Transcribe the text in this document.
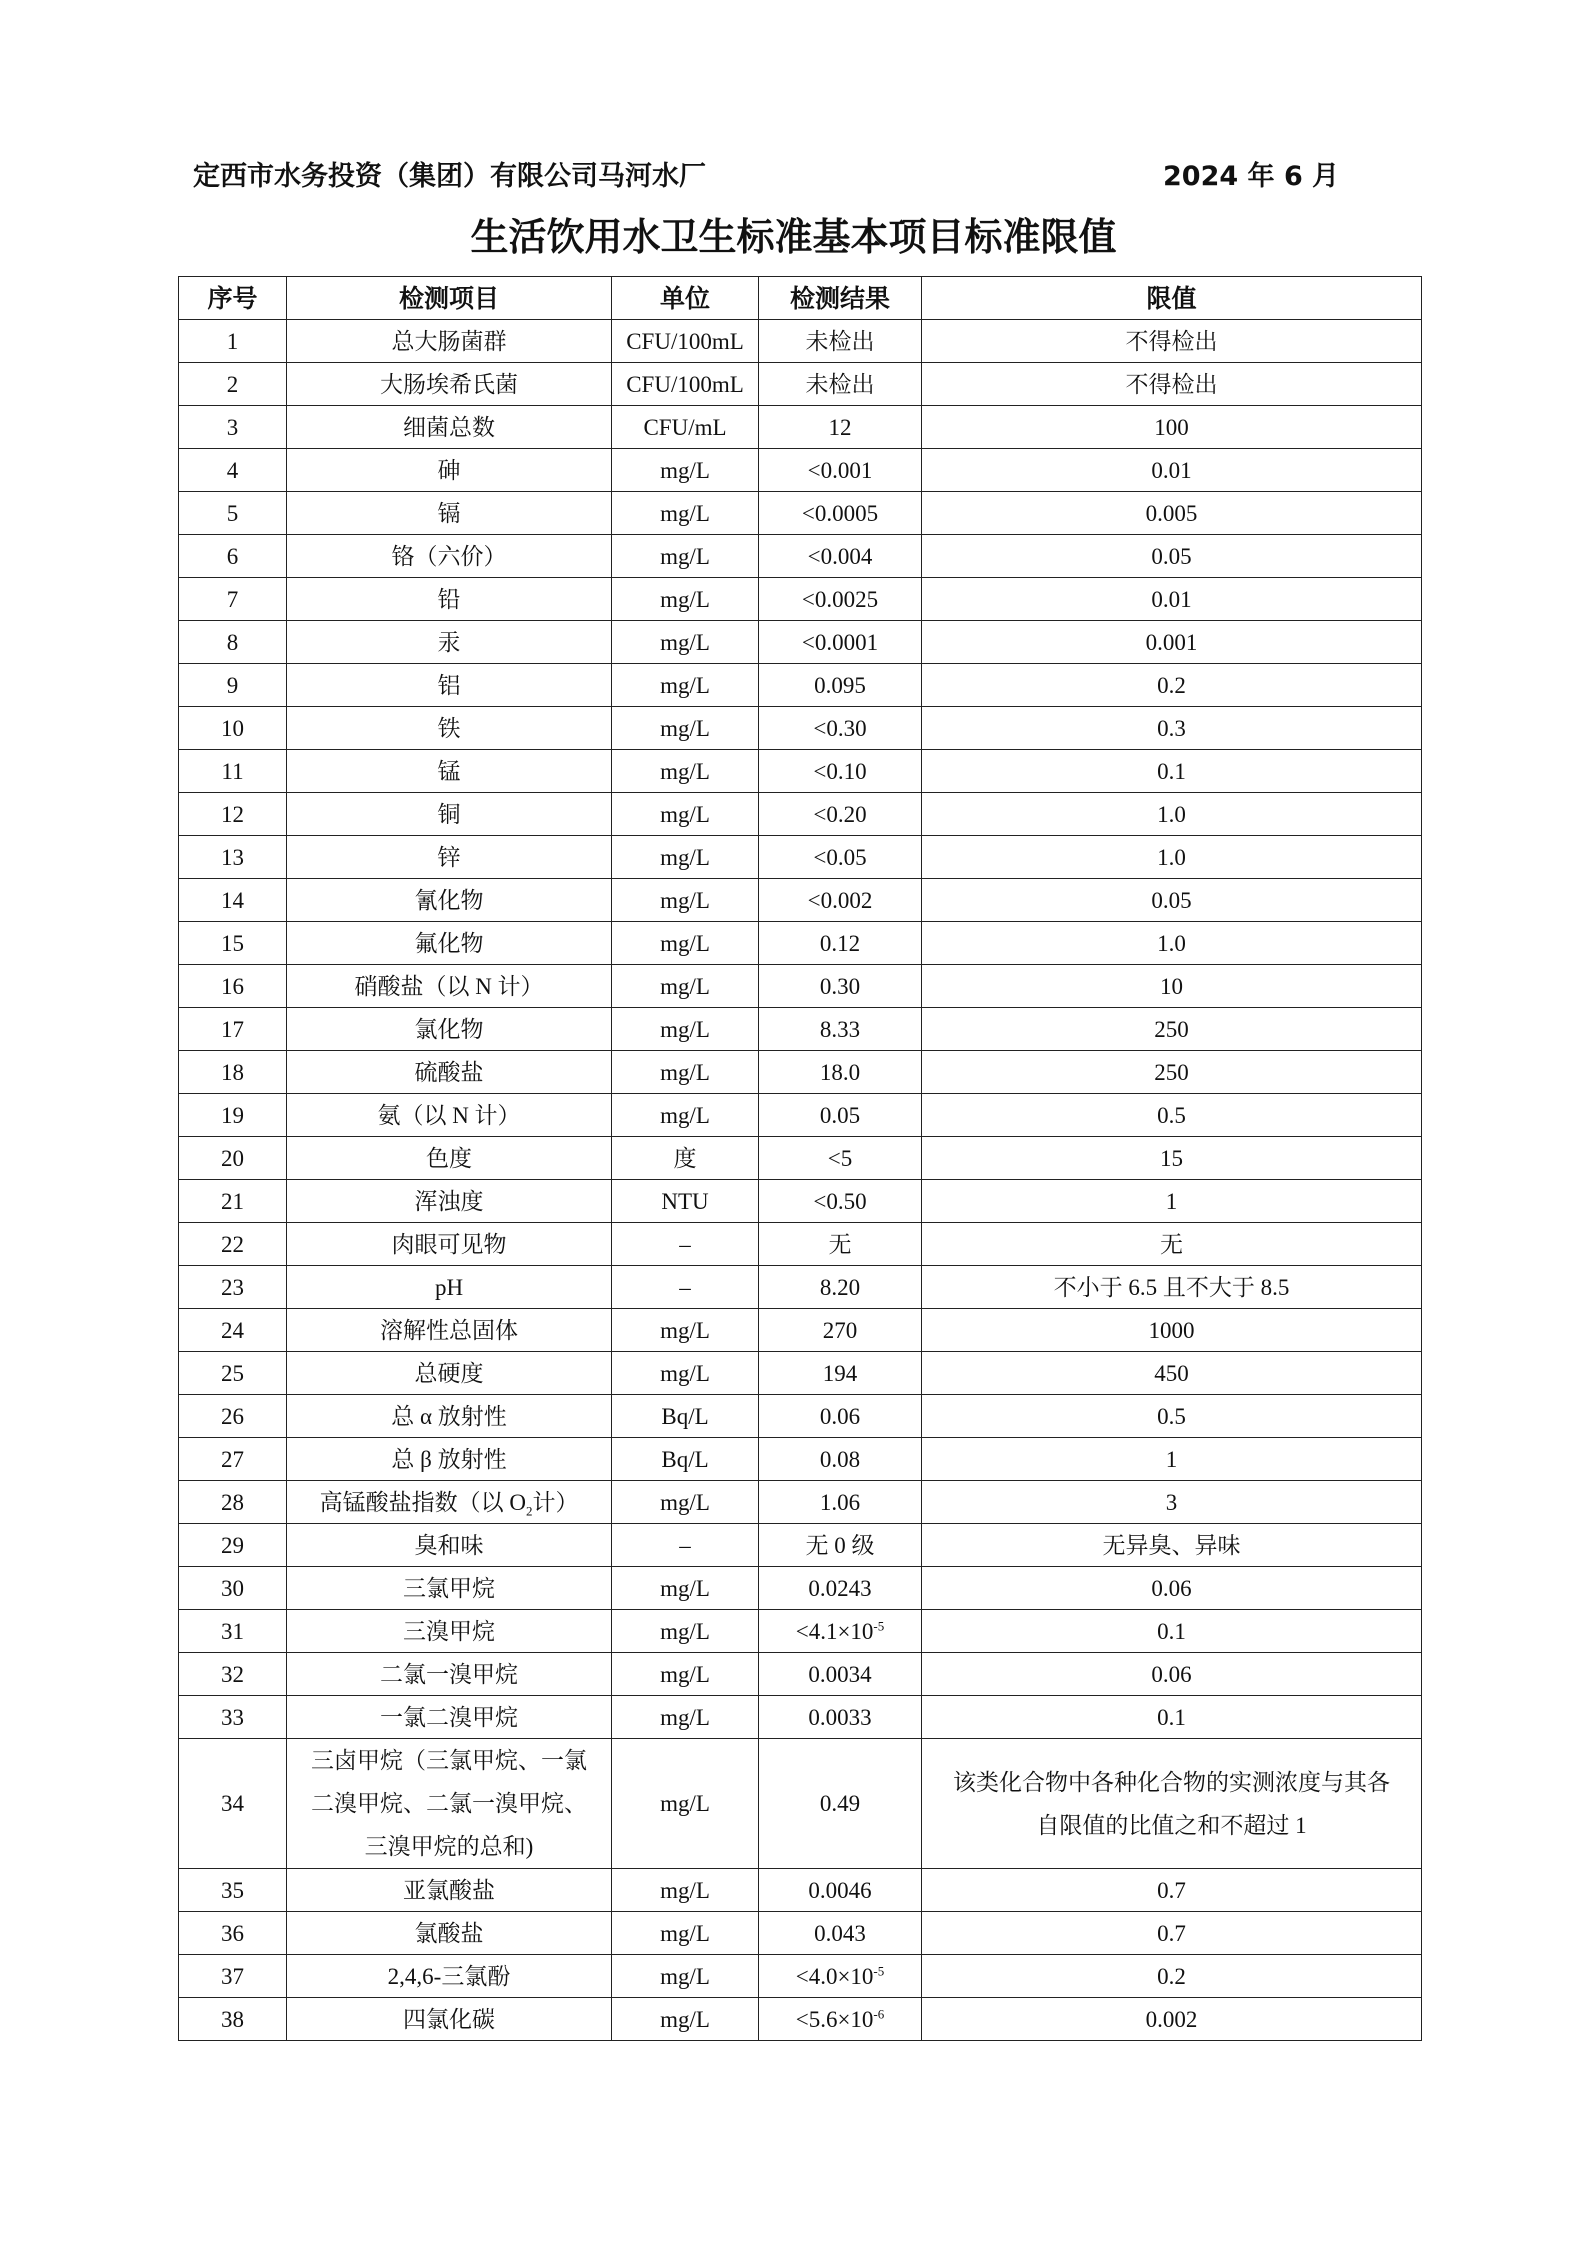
定西市水务投资（集团）有限公司马河水厂	2024 年 6 月
生活饮用水卫生标准基本项目标准限值
序号	检测项目	单位	检测结果	限值
1	总大肠菌群	CFU/100mL	未检出	不得检出
2	大肠埃希氏菌	CFU/100mL	未检出	不得检出
3	细菌总数	CFU/mL	12	100
4	砷	mg/L	<0.001	0.01
5	镉	mg/L	<0.0005	0.005
6	铬（六价）	mg/L	<0.004	0.05
7	铅	mg/L	<0.0025	0.01
8	汞	mg/L	<0.0001	0.001
9	铝	mg/L	0.095	0.2
10	铁	mg/L	<0.30	0.3
11	锰	mg/L	<0.10	0.1
12	铜	mg/L	<0.20	1.0
13	锌	mg/L	<0.05	1.0
14	氰化物	mg/L	<0.002	0.05
15	氟化物	mg/L	0.12	1.0
16	硝酸盐（以 N 计）	mg/L	0.30	10
17	氯化物	mg/L	8.33	250
18	硫酸盐	mg/L	18.0	250
19	氨（以 N 计）	mg/L	0.05	0.5
20	色度	度	<5	15
21	浑浊度	NTU	<0.50	1
22	肉眼可见物	–	无	无
23	pH	–	8.20	不小于 6.5 且不大于 8.5
24	溶解性总固体	mg/L	270	1000
25	总硬度	mg/L	194	450
26	总 α 放射性	Bq/L	0.06	0.5
27	总 β 放射性	Bq/L	0.08	1
28	高锰酸盐指数（以 $O_2$计）	mg/L	1.06	3
29	臭和味	–	无 0 级	无异臭、异味
30	三氯甲烷	mg/L	0.0243	0.06
31	三溴甲烷	mg/L	$<4.1\times 10^{-5}$	0.1
32	二氯一溴甲烷	mg/L	0.0034	0.06
33	一氯二溴甲烷	mg/L	0.0033	0.1
34	三卤甲烷（三氯甲烷、一氯
二溴甲烷、二氯一溴甲烷、
三溴甲烷的总和)	mg/L	0.49	该类化合物中各种化合物的实测浓度与其各
自限值的比值之和不超过 1
35	亚氯酸盐	mg/L	0.0046	0.7
36	氯酸盐	mg/L	0.043	0.7
37	2,4,6-三氯酚	mg/L	$<4.0\times 10^{-5}$	0.2
38	四氯化碳	mg/L	$<5.6\times 10^{-6}$	0.002
